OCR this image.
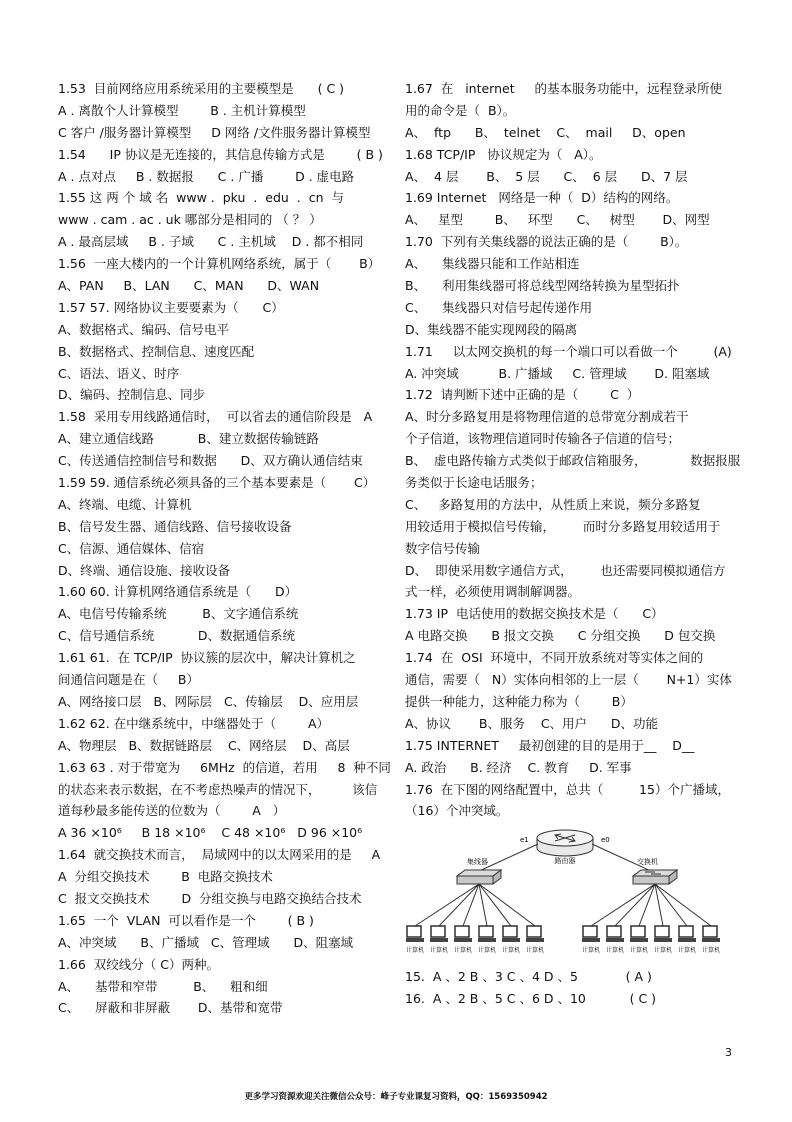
1.53  目前网络应用系统采用的主要模型是      ( C )
A . 离散个人计算模型        B . 主机计算模型
C 客户 /服务器计算模型     D 网络 /文件服务器计算模型
1.54      IP 协议是无连接的，其信息传输方式是        ( B )
A . 点对点     B . 数据报      C . 广播        D . 虚电路
1.55 这 两 个 域 名  www .  pku  .  edu  .  cn  与
www . cam . ac . uk 哪部分是相同的 （ ？ ）
A . 最高层域     B . 子域      C . 主机域    D . 都不相同
1.56  一座大楼内的一个计算机网络系统，属于（       B）
A、PAN     B、LAN      C、MAN      D、WAN
1.57 57. 网络协议主要要素为（      C）
A、数据格式、编码、信号电平
B、数据格式、控制信息、速度匹配
C、语法、语义、时序
D、编码、控制信息、同步
1.58  采用专用线路通信时，  可以省去的通信阶段是   A
A、建立通信线路           B、建立数据传输链路
C、传送通信控制信号和数据      D、双方确认通信结束
1.59 59. 通信系统必须具备的三个基本要素是（       C）
A、终端、电缆、计算机
B、信号发生器、通信线路、信号接收设备
C、信源、通信媒体、信宿
D、终端、通信设施、接收设备
1.60 60. 计算机网络通信系统是（      D）
A、电信号传输系统         B、文字通信系统
C、信号通信系统           D、数据通信系统
1.61 61.  在 TCP/IP  协议簇的层次中，解决计算机之
间通信问题是在（     B）
A、网络接口层   B、网际层   C、传输层    D、应用层
1.62 62. 在中继系统中，中继器处于（        A）
A、物理层   B、数据链路层    C、网络层    D、高层
1.63 63 . 对于带宽为     6MHz  的信道，若用     8  种不同
的状态来表示数据，在不考虑热噪声的情况下，        该信
道每秒最多能传送的位数为（        A   ）
A 36 ×10⁶     B 18 ×10⁶    C 48 ×10⁶   D 96 ×10⁶
1.64  就交换技术而言，  局域网中的以太网采用的是     A
A  分组交换技术        B  电路交换技术
C  报文交换技术        D  分组交换与电路交换结合技术
1.65  一个  VLAN  可以看作是一个        ( B )
A、冲突域      B、广播域   C、管理域      D、阻塞域
1.66  双绞线分（ C）两种。
A、    基带和窄带         B、    粗和细
C、    屏蔽和非屏蔽       D、基带和宽带
1.67  在   internet     的基本服务功能中，远程登录所使
用的命令是（  B）。
A、  ftp      B、  telnet    C、  mail     D、open
1.68 TCP/IP   协议规定为（   A）。
A、  4 层       B、  5 层      C、  6 层      D、7 层
1.69 Internet   网络是一种（  D）结构的网络。
A、   星型        B、   环型      C、   树型       D、网型
1.70  下列有关集线器的说法正确的是（        B）。
A、    集线器只能和工作站相连
B、    利用集线器可将总线型网络转换为星型拓扑
C、    集线器只对信号起传递作用
D、集线器不能实现网段的隔离
1.71     以太网交换机的每一个端口可以看做一个         (A)
A. 冲突域          B. 广播域     C. 管理域       D. 阻塞域
1.72  请判断下述中正确的是（        C  ）
A、时分多路复用是将物理信道的总带宽分割成若干
个子信道，该物理信道同时传输各子信道的信号；
B、  虚电路传输方式类似于邮政信箱服务，           数据报服
务类似于长途电话服务；
C、   多路复用的方法中，从性质上来说，频分多路复
用较适用于模拟信号传输，       而时分多路复用较适用于
数字信号传输
D、  即使采用数字通信方式，       也还需要同模拟通信方
式一样，必须使用调制解调器。
1.73 IP  电话使用的数据交换技术是（      C）
A 电路交换      B 报文交换      C 分组交换      D 包交换
1.74  在  OSI  环境中，不同开放系统对等实体之间的
通信，需要（   N）实体向相邻的上一层（       N+1）实体
提供一种能力，这种能力称为（        B）
A、协议       B、服务    C、用户      D、功能
1.75 INTERNET     最初创建的目的是用于__    D__
A. 政治      B. 经济    C. 教育     D. 军事
1.76  在下图的网络配置中，总共（         15）个广播域，
（16）个冲突域。
路由器
e1	e0
集线器	交换机
计算机 计算机 计算机 计算机 计算机 计算机	计算机 计算机 计算机 计算机 计算机 计算机
15.  A 、2 B 、3 C 、4 D 、5            ( A )
16.  A 、2 B 、5 C 、6 D 、10           ( C )
3
更多学习资源欢迎关注微信公众号：峰子专业课复习资料，QQ：1569350942
